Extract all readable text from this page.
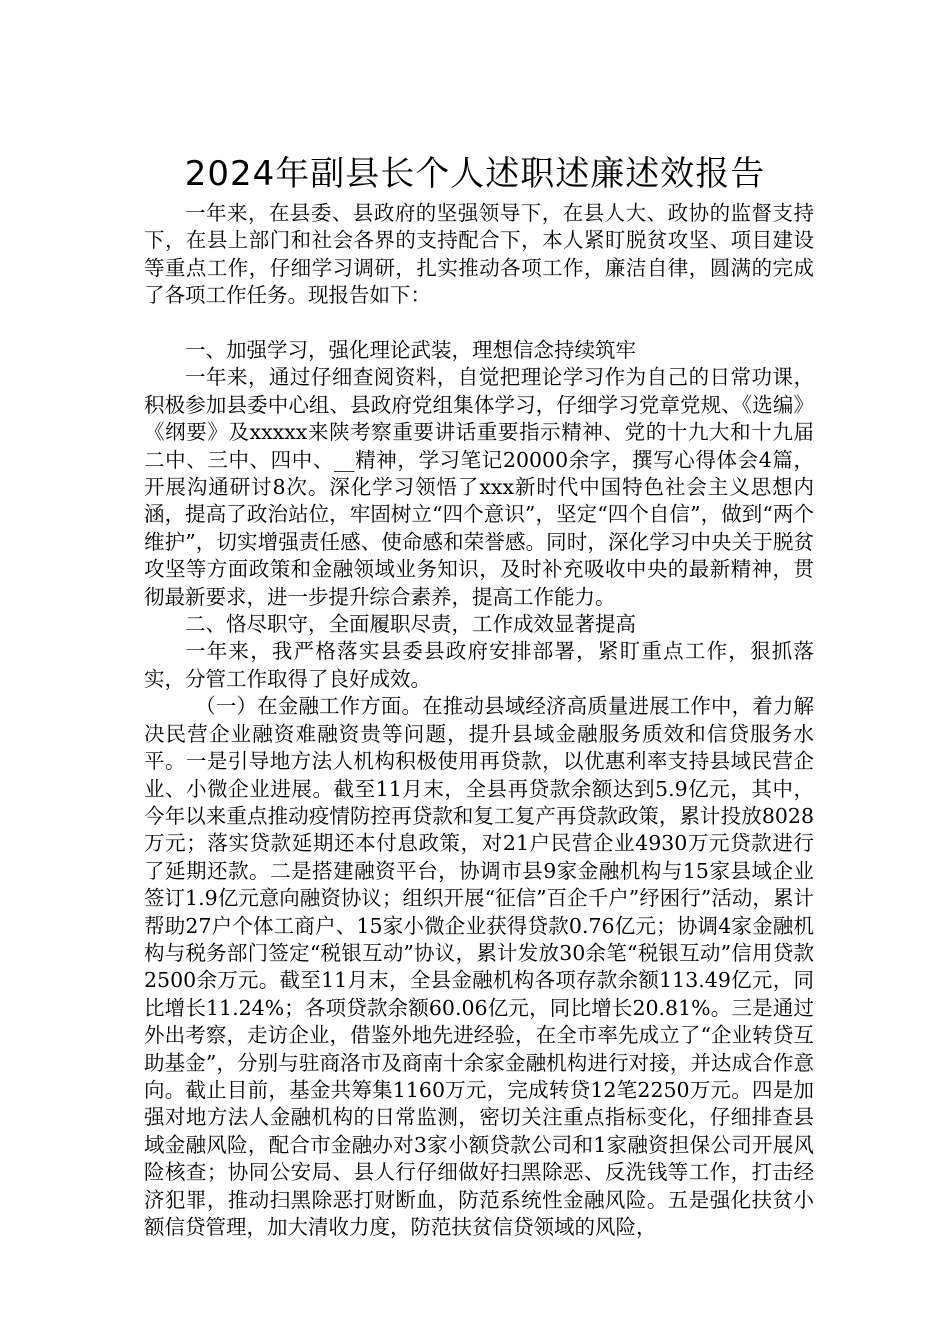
2024年副县长个人述职述廉述效报告

一年来，在县委、县政府的坚强领导下，在县人大、政协的监督支持下，在县上部门和社会各界的支持配合下，本人紧盯脱贫攻坚、项目建设等重点工作，仔细学习调研，扎实推动各项工作，廉洁自律，圆满的完成了各项工作任务。现报告如下：

一、加强学习，强化理论武装，理想信念持续筑牢

一年来，通过仔细查阅资料，自觉把理论学习作为自己的日常功课，积极参加县委中心组、县政府党组集体学习，仔细学习党章党规、《选编》《纲要》及xxxxx来陕考察重要讲话重要指示精神、党的十九大和十九届二中、三中、四中、__精神，学习笔记20000余字，撰写心得体会4篇，开展沟通研讨8次。深化学习领悟了xxx新时代中国特色社会主义思想内涵，提高了政治站位，牢固树立“四个意识”，坚定“四个自信”，做到“两个维护”，切实增强责任感、使命感和荣誉感。同时，深化学习中央关于脱贫攻坚等方面政策和金融领域业务知识，及时补充吸收中央的最新精神，贯彻最新要求，进一步提升综合素养，提高工作能力。

二、恪尽职守，全面履职尽责，工作成效显著提高

一年来，我严格落实县委县政府安排部署，紧盯重点工作，狠抓落实，分管工作取得了良好成效。

（一）在金融工作方面。在推动县域经济高质量进展工作中，着力解决民营企业融资难融资贵等问题，提升县域金融服务质效和信贷服务水平。一是引导地方法人机构积极使用再贷款，以优惠利率支持县域民营企业、小微企业进展。截至11月末，全县再贷款余额达到5.9亿元，其中，今年以来重点推动疫情防控再贷款和复工复产再贷款政策，累计投放8028万元；落实贷款延期还本付息政策，对21户民营企业4930万元贷款进行了延期还款。二是搭建融资平台，协调市县9家金融机构与15家县域企业签订1.9亿元意向融资协议；组织开展“征信”百企千户”纾困行”活动，累计帮助27户个体工商户、15家小微企业获得贷款0.76亿元；协调4家金融机构与税务部门签定“税银互动”协议，累计发放30余笔“税银互动”信用贷款2500余万元。截至11月末，全县金融机构各项存款余额113.49亿元，同比增长11.24%；各项贷款余额60.06亿元，同比增长20.81%。三是通过外出考察，走访企业，借鉴外地先进经验，在全市率先成立了“企业转贷互助基金”，分别与驻商洛市及商南十余家金融机构进行对接，并达成合作意向。截止目前，基金共筹集1160万元，完成转贷12笔2250万元。四是加强对地方法人金融机构的日常监测，密切关注重点指标变化，仔细排查县域金融风险，配合市金融办对3家小额贷款公司和1家融资担保公司开展风险核查；协同公安局、县人行仔细做好扫黑除恶、反洗钱等工作，打击经济犯罪，推动扫黑除恶打财断血，防范系统性金融风险。五是强化扶贫小额信贷管理，加大清收力度，防范扶贫信贷领域的风险，
